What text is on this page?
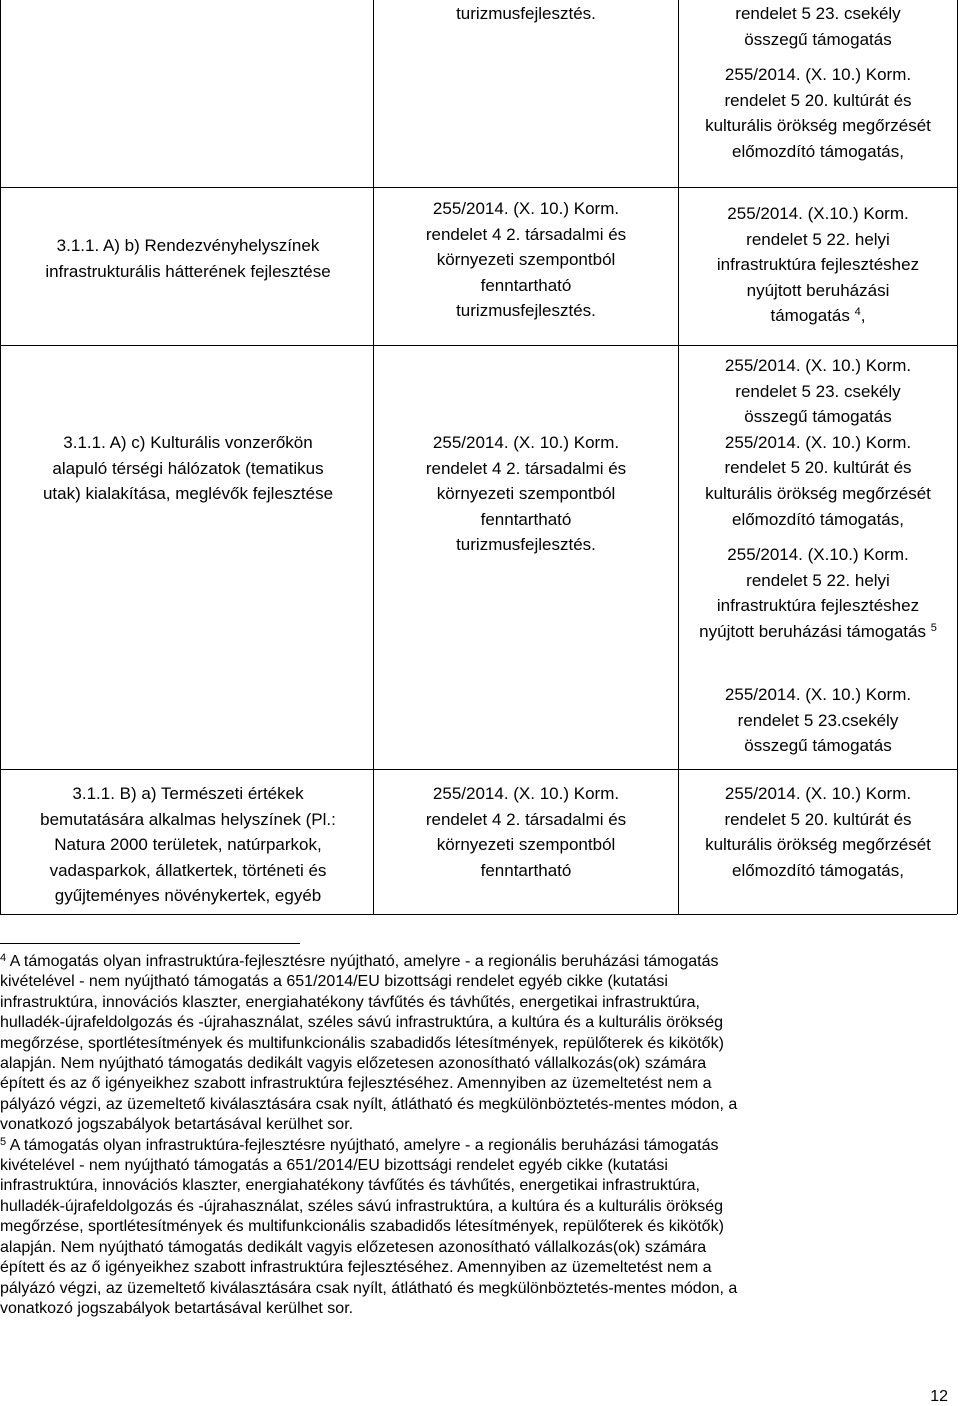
turizmusfejlesztés.	rendelet 5 23. csekély
összegű támogatás
255/2014. (X. 10.) Korm.
rendelet 5 20. kultúrát és
kulturális örökség megőrzését
előmozdító támogatás,
3.1.1. A) b) Rendezvényhelyszínek
infrastrukturális hátterének fejlesztése
255/2014. (X. 10.) Korm.
rendelet 4 2. társadalmi és
környezeti szempontból
fenntartható
turizmusfejlesztés.
255/2014. (X.10.) Korm.
rendelet 5 22. helyi
infrastruktúra fejlesztéshez
nyújtott beruházási
támogatás $^4$,
3.1.1. A) c) Kulturális vonzerőkön
alapuló térségi hálózatok (tematikus
utak) kialakítása, meglévők fejlesztése
255/2014. (X. 10.) Korm.
rendelet 4 2. társadalmi és
környezeti szempontból
fenntartható
turizmusfejlesztés.
255/2014. (X. 10.) Korm.
rendelet 5 23. csekély
összegű támogatás
255/2014. (X. 10.) Korm.
rendelet 5 20. kultúrát és
kulturális örökség megőrzését
előmozdító támogatás,
255/2014. (X.10.) Korm.
rendelet 5 22. helyi
infrastruktúra fejlesztéshez
nyújtott beruházási támogatás $^5$
3.1.1. B) a) Természeti értékek
bemutatására alkalmas helyszínek (Pl.:
Natura 2000 területek, natúrparkok,
vadasparkok, állatkertek, történeti és
gyűjteményes növénykertek, egyéb
255/2014. (X. 10.) Korm.
rendelet 4 2. társadalmi és
környezeti szempontból
fenntartható
255/2014. (X. 10.) Korm.
rendelet 5 23.csekély
összegű támogatás
255/2014. (X. 10.) Korm.
rendelet 5 20. kultúrát és
kulturális örökség megőrzését
előmozdító támogatás,
$^4$ A támogatás olyan infrastruktúra-fejlesztésre nyújtható, amelyre - a regionális beruházási támogatás
kivételével - nem nyújtható támogatás a 651/2014/EU bizottsági rendelet egyéb cikke (kutatási
infrastruktúra, innovációs klaszter, energiahatékony távfűtés és távhűtés, energetikai infrastruktúra,
hulladék-újrafeldolgozás és -újrahasználat, széles sávú infrastruktúra, a kultúra és a kulturális örökség
megőrzése, sportlétesítmények és multifunkcionális szabadidős létesítmények, repülőterek és kikötők)
alapján. Nem nyújtható támogatás dedikált vagyis előzetesen azonosítható vállalkozás(ok) számára
épített és az ő igényeikhez szabott infrastruktúra fejlesztéséhez. Amennyiben az üzemeltetést nem a
pályázó végzi, az üzemeltető kiválasztására csak nyílt, átlátható és megkülönböztetés-mentes módon, a
vonatkozó jogszabályok betartásával kerülhet sor.
$^5$ A támogatás olyan infrastruktúra-fejlesztésre nyújtható, amelyre - a regionális beruházási támogatás
kivételével - nem nyújtható támogatás a 651/2014/EU bizottsági rendelet egyéb cikke (kutatási
infrastruktúra, innovációs klaszter, energiahatékony távfűtés és távhűtés, energetikai infrastruktúra,
hulladék-újrafeldolgozás és -újrahasználat, széles sávú infrastruktúra, a kultúra és a kulturális örökség
megőrzése, sportlétesítmények és multifunkcionális szabadidős létesítmények, repülőterek és kikötők)
alapján. Nem nyújtható támogatás dedikált vagyis előzetesen azonosítható vállalkozás(ok) számára
épített és az ő igényeikhez szabott infrastruktúra fejlesztéséhez. Amennyiben az üzemeltetést nem a
pályázó végzi, az üzemeltető kiválasztására csak nyílt, átlátható és megkülönböztetés-mentes módon, a
vonatkozó jogszabályok betartásával kerülhet sor.
12
